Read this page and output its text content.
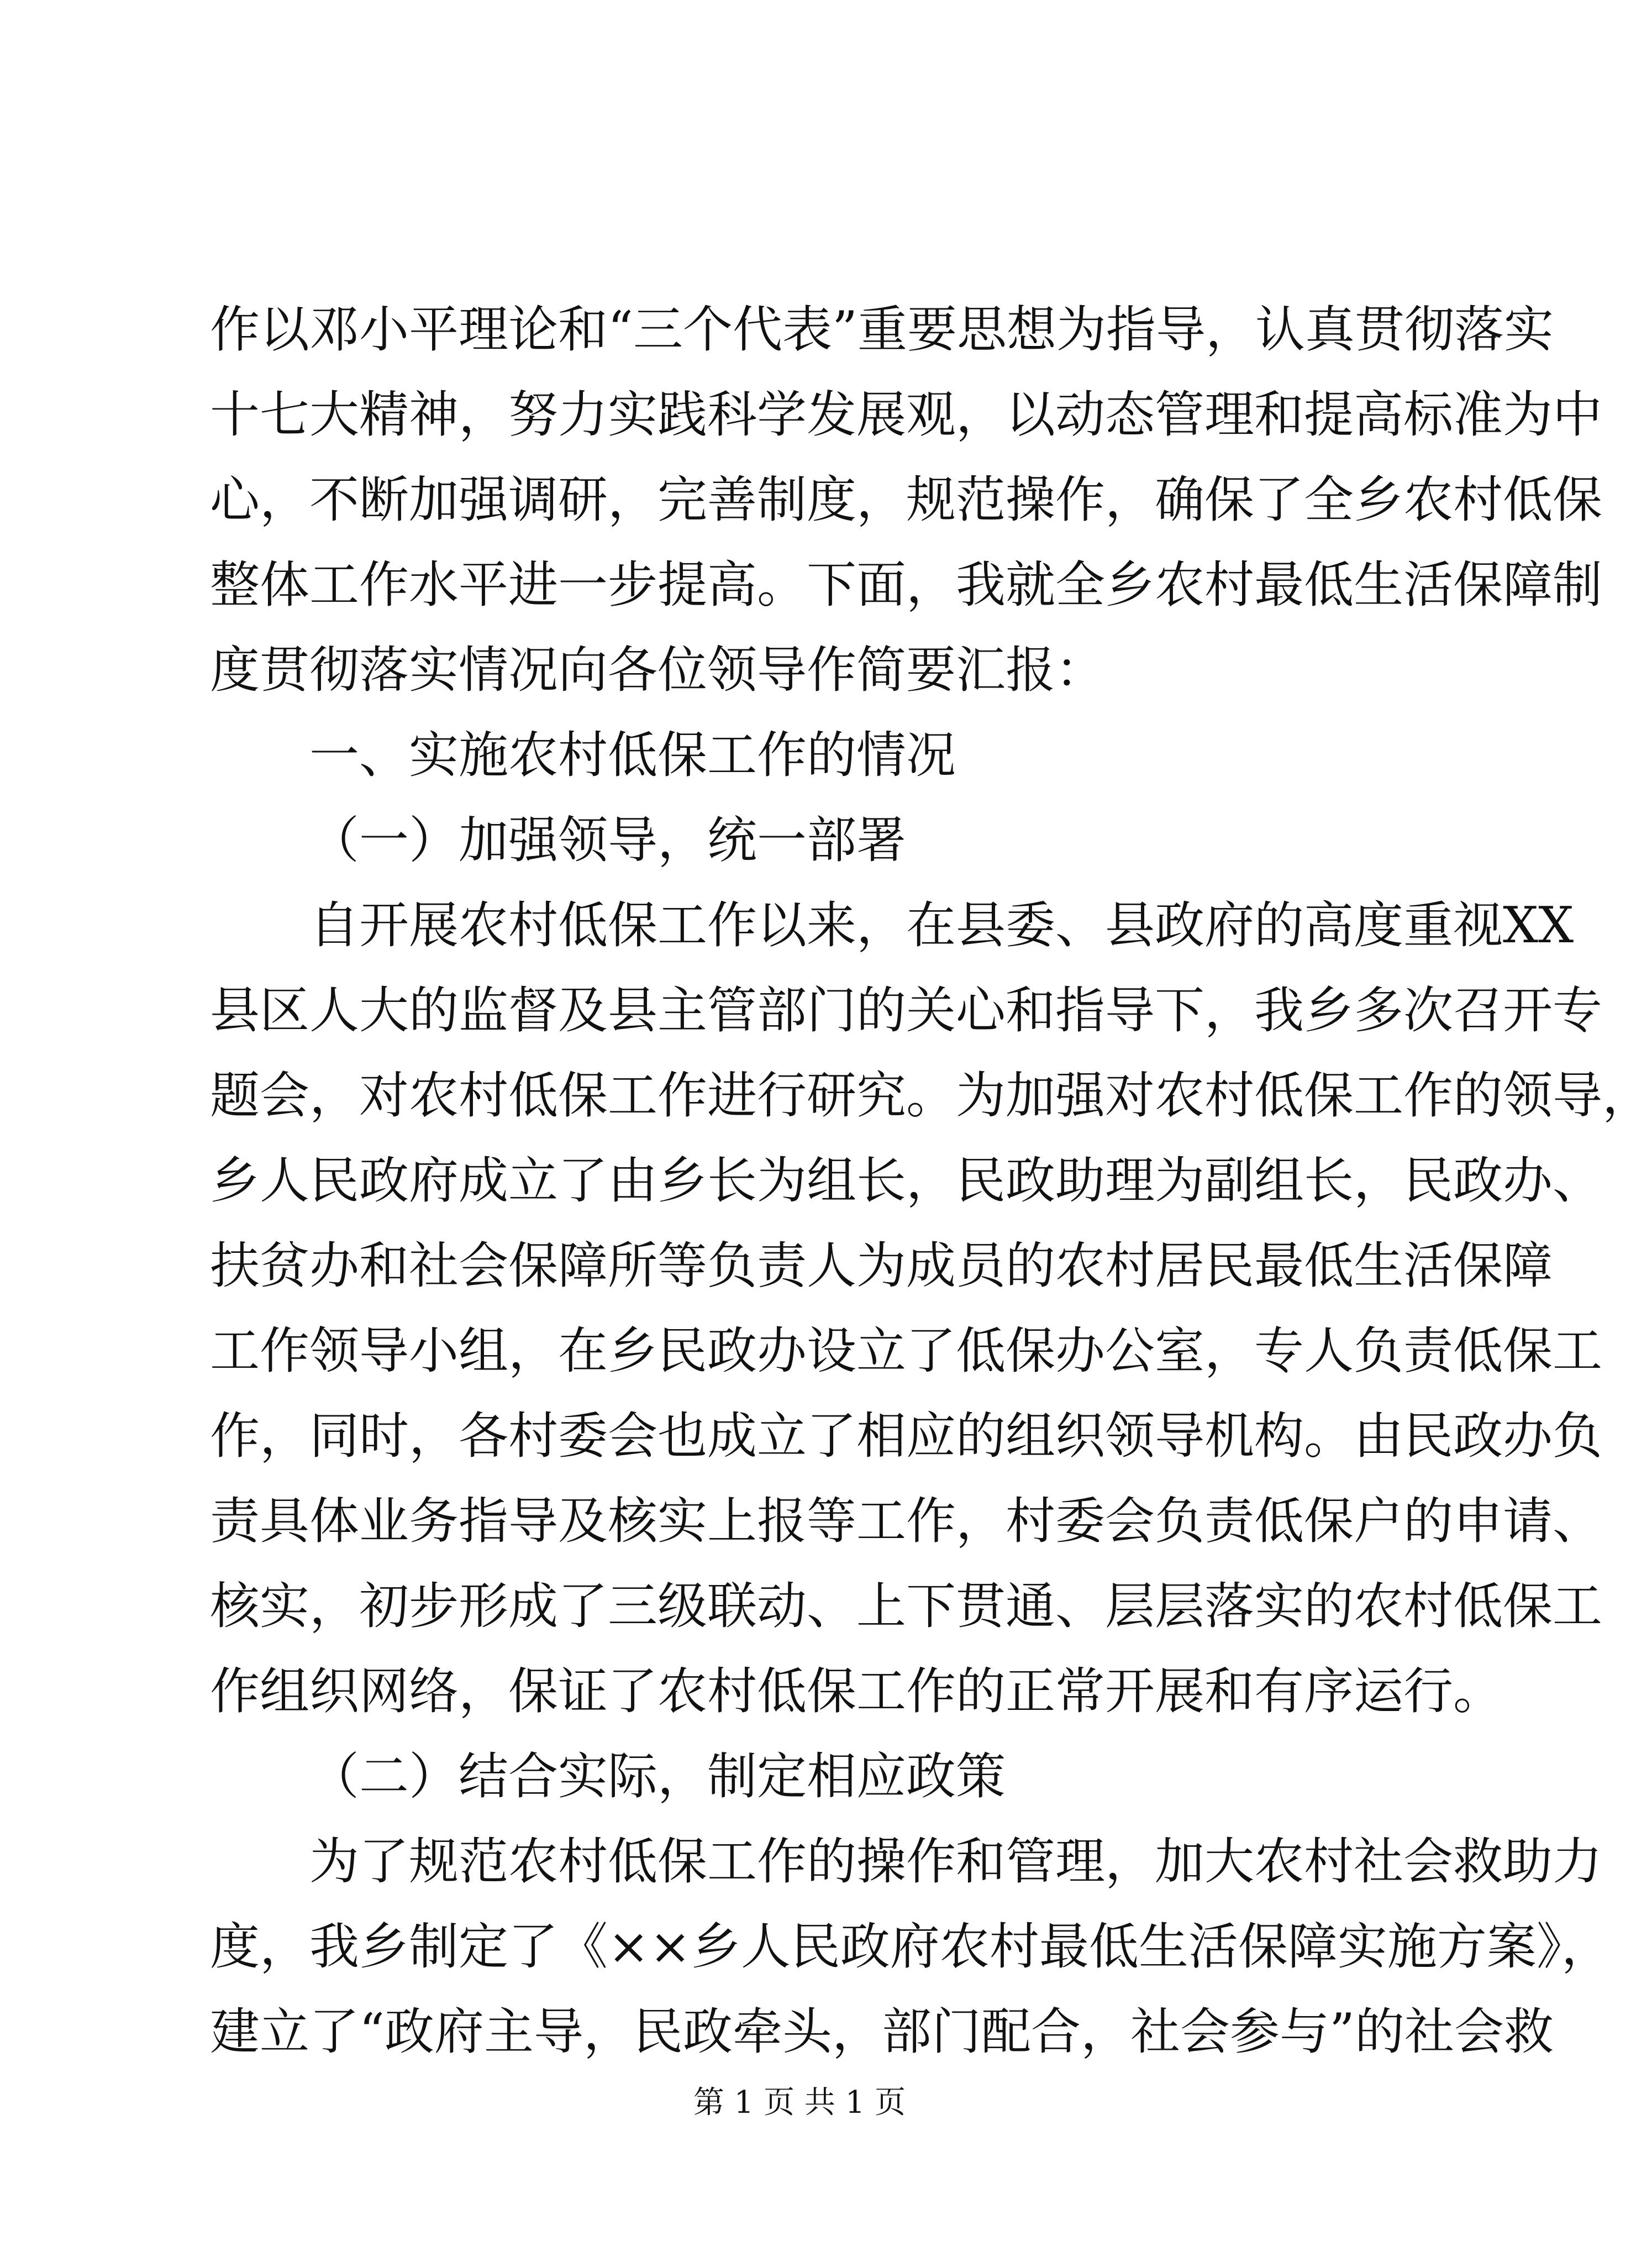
作以邓小平理论和“三个代表”重要思想为指导，认真贯彻落实
十七大精神，努力实践科学发展观，以动态管理和提高标准为中
心，不断加强调研，完善制度，规范操作，确保了全乡农村低保
整体工作水平进一步提高。下面，我就全乡农村最低生活保障制
度贯彻落实情况向各位领导作简要汇报：
一、实施农村低保工作的情况
（一）加强领导，统一部署
自开展农村低保工作以来，在县委、县政府的高度重视XX
县区人大的监督及县主管部门的关心和指导下，我乡多次召开专
题会，对农村低保工作进行研究。为加强对农村低保工作的领导，
乡人民政府成立了由乡长为组长，民政助理为副组长，民政办、
扶贫办和社会保障所等负责人为成员的农村居民最低生活保障
工作领导小组，在乡民政办设立了低保办公室，专人负责低保工
作，同时，各村委会也成立了相应的组织领导机构。由民政办负
责具体业务指导及核实上报等工作，村委会负责低保户的申请、
核实，初步形成了三级联动、上下贯通、层层落实的农村低保工
作组织网络，保证了农村低保工作的正常开展和有序运行。
（二）结合实际，制定相应政策
为了规范农村低保工作的操作和管理，加大农村社会救助力
度，我乡制定了《××乡人民政府农村最低生活保障实施方案》，
建立了“政府主导，民政牵头，部门配合，社会参与”的社会救
第 1 页 共 1 页
